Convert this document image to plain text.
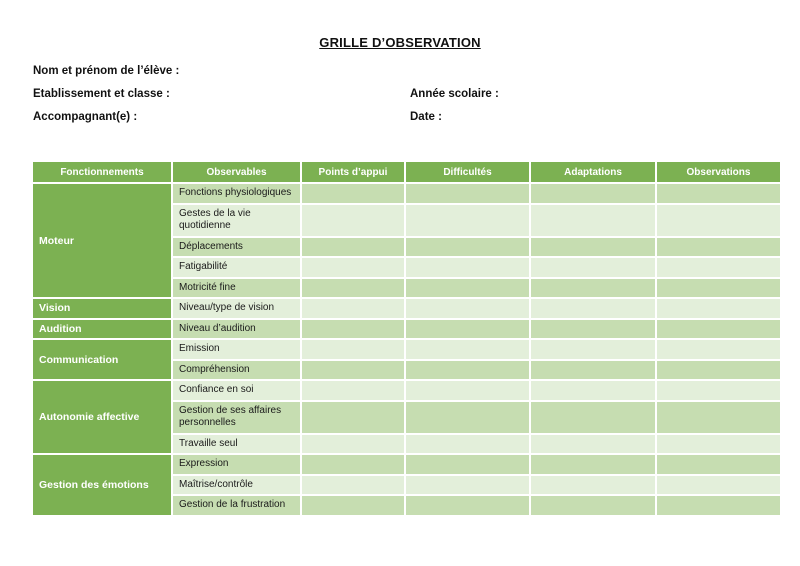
GRILLE D’OBSERVATION
Nom et prénom de l’élève :
Etablissement et classe :	Année scolaire :
Accompagnant(e) :	Date :
Fonctionnements	Observables	Points d’appui	Difficultés	Adaptations	Observations
Moteur	Fonctions physiologiques				
	Gestes de la vie quotidienne				
	Déplacements				
	Fatigabilité				
	Motricité fine				
Vision	Niveau/type de vision				
Audition	Niveau d’audition				
Communication	Emission				
	Compréhension				
Autonomie affective	Confiance en soi				
	Gestion de ses affaires personnelles				
	Travaille seul				
Gestion des émotions	Expression				
	Maîtrise/contrôle				
	Gestion de la frustration				
